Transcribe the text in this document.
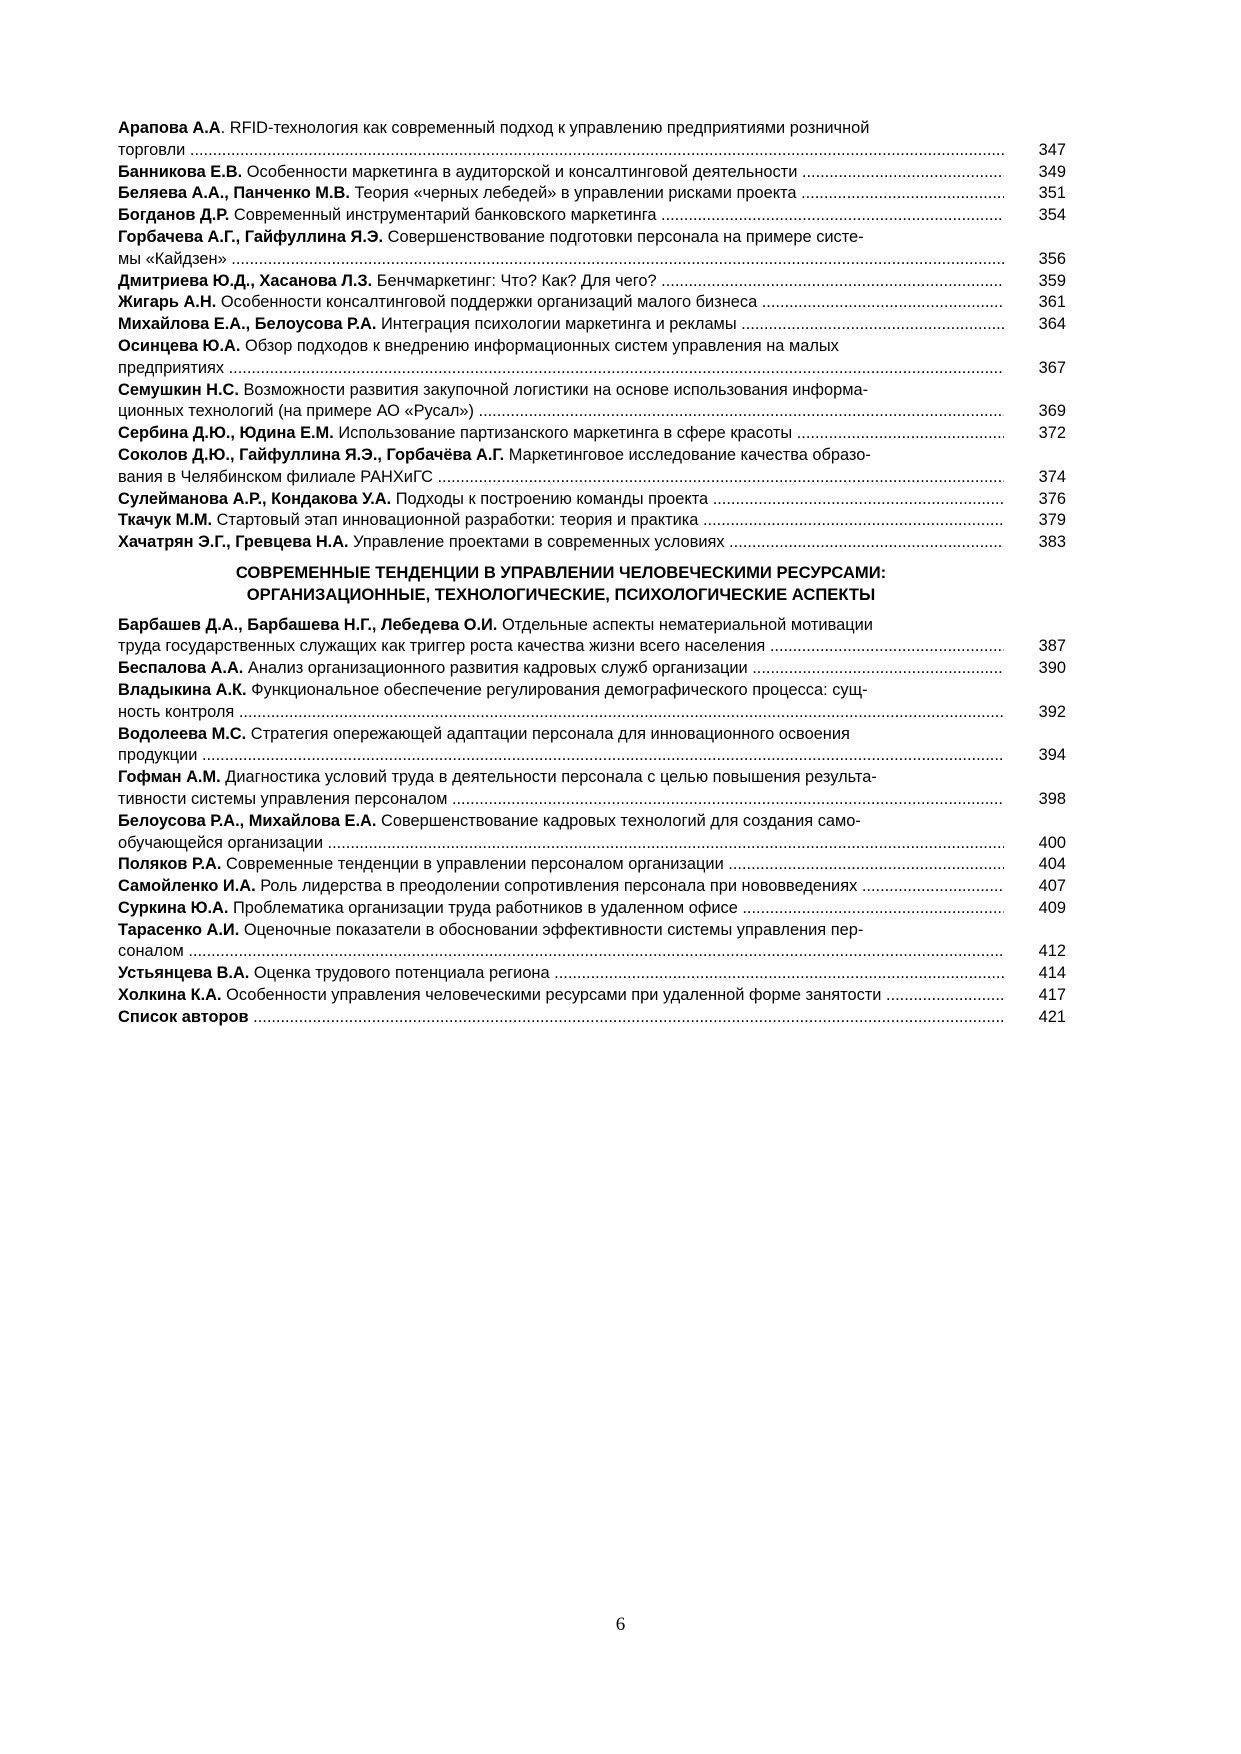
Арапова А.А. RFID-технология как современный подход к управлению предприятиями розничной
торговли .....	347
Банникова Е.В. Особенности маркетинга в аудиторской и консалтинговой деятельности .....	349
Беляева А.А., Панченко М.В. Теория «черных лебедей» в управлении рисками проекта .....	351
Богданов Д.Р. Современный инструментарий банковского маркетинга .....	354
Горбачева А.Г., Гайфуллина Я.Э. Совершенствование подготовки персонала на примере систе-
мы «Кайдзен» .....	356
Дмитриева Ю.Д., Хасанова Л.З. Бенчмаркетинг: Что? Как? Для чего? .....	359
Жигарь А.Н. Особенности консалтинговой поддержки организаций малого бизнеса .....	361
Михайлова Е.А., Белоусова Р.А. Интеграция психологии маркетинга и рекламы .....	364
Осинцева Ю.А. Обзор подходов к внедрению информационных систем управления на малых
предприятиях .....	367
Семушкин Н.С. Возможности развития закупочной логистики на основе использования информа-
ционных технологий (на примере АО «Русал») .....	369
Сербина Д.Ю., Юдина Е.М. Использование партизанского маркетинга в сфере красоты .....	372
Соколов Д.Ю., Гайфуллина Я.Э., Горбачёва А.Г. Маркетинговое исследование качества образо-
вания в Челябинском филиале РАНХиГС .....	374
Сулейманова А.Р., Кондакова У.А. Подходы к построению команды проекта .....	376
Ткачук М.М. Стартовый этап инновационной разработки: теория и практика .....	379
Хачатрян Э.Г., Гревцева Н.А. Управление проектами в современных условиях .....	383
СОВРЕМЕННЫЕ ТЕНДЕНЦИИ В УПРАВЛЕНИИ ЧЕЛОВЕЧЕСКИМИ РЕСУРСАМИ:
ОРГАНИЗАЦИОННЫЕ, ТЕХНОЛОГИЧЕСКИЕ, ПСИХОЛОГИЧЕСКИЕ АСПЕКТЫ
Барбашев Д.А., Барбашева Н.Г., Лебедева О.И. Отдельные аспекты нематериальной мотивации
труда государственных служащих как триггер роста качества жизни всего населения .....	387
Беспалова А.А. Анализ организационного развития кадровых служб организации .....	390
Владыкина А.К. Функциональное обеспечение регулирования демографического процесса: сущ-
ность контроля .....	392
Водолеева М.С. Стратегия опережающей адаптации персонала для инновационного освоения
продукции .....	394
Гофман А.М. Диагностика условий труда в деятельности персонала с целью повышения результа-
тивности системы управления персоналом .....	398
Белоусова Р.А., Михайлова Е.А. Совершенствование кадровых технологий для создания само-
обучающейся организации .....	400
Поляков Р.А. Современные тенденции в управлении персоналом организации .....	404
Самойленко И.А. Роль лидерства в преодолении сопротивления персонала при нововведениях .....	407
Суркина Ю.А. Проблематика организации труда работников в удаленном офисе .....	409
Тарасенко А.И. Оценочные показатели в обосновании эффективности системы управления пер-
соналом .....	412
Устьянцева В.А. Оценка трудового потенциала региона .....	414
Холкина К.А. Особенности управления человеческими ресурсами при удаленной форме занятости .....	417
Список авторов .....	421
6
